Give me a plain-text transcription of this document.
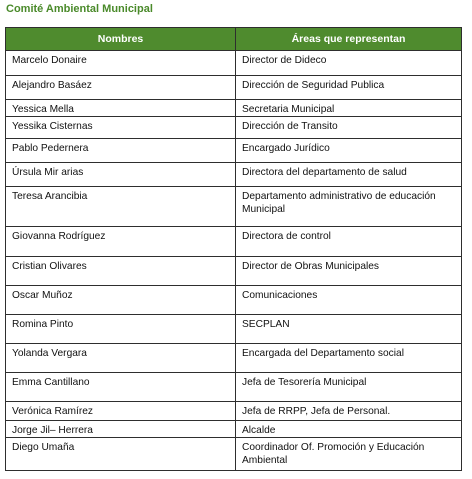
Comité Ambiental Municipal
Nombres	Áreas que representan
Marcelo Donaire	Director de Dideco
Alejandro Basáez	Dirección de Seguridad Publica
Yessica Mella	Secretaria Municipal
Yessika Cisternas	Dirección de Transito
Pablo Pedernera	Encargado Jurídico
Úrsula Mir arias	Directora del departamento de salud
Teresa Arancibia	Departamento administrativo de educación Municipal
Giovanna Rodríguez	Directora de control
Cristian Olivares	Director de Obras Municipales
Oscar Muñoz	Comunicaciones
Romina Pinto	SECPLAN
Yolanda Vergara	Encargada del Departamento social
Emma Cantillano	Jefa de Tesorería Municipal
Verónica Ramírez	Jefa de RRPP, Jefa de Personal.
Jorge Jil– Herrera	Alcalde
Diego Umaña	Coordinador Of. Promoción y Educación Ambiental
